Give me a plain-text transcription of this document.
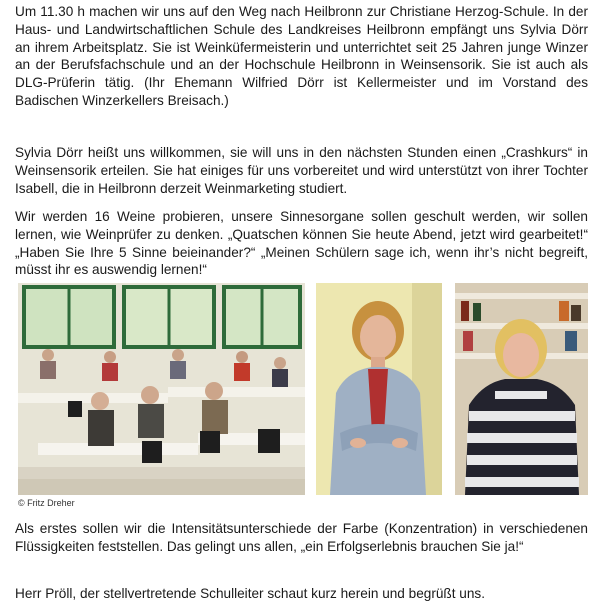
Um 11.30 h machen wir uns auf den Weg nach Heilbronn zur Christiane Herzog-Schule. In der Haus- und Landwirtschaftlichen Schule des Landkreises Heilbronn empfängt uns Sylvia Dörr an ihrem Arbeitsplatz. Sie ist Weinküfermeisterin und unterrichtet seit 25 Jahren junge Winzer an der Berufsfachschule und an der Hochschule Heilbronn in Weinsensorik. Sie ist auch als DLG-Prüferin tätig. (Ihr Ehemann Wilfried Dörr ist Kellermeister und im Vorstand des Badischen Winzerkellers Breisach.)

Sylvia Dörr heißt uns willkommen, sie will uns in den nächsten Stunden einen „Crashkurs“ in Weinsensorik erteilen. Sie hat einiges für uns vorbereitet und wird unterstützt von ihrer Tochter Isabell, die in Heilbronn derzeit Weinmarketing studiert.

Wir werden 16 Weine probieren, unsere Sinnesorgane sollen geschult werden, wir sollen lernen, wie Weinprüfer zu denken. „Quatschen können Sie heute Abend, jetzt wird gearbeitet!“ „Haben Sie Ihre 5 Sinne beieinander?“ „Meinen Schülern sage ich, wenn ihr’s nicht begreift, müsst ihr es auswendig lernen!“

© Fritz Dreher

Als erstes sollen wir die Intensitätsunterschiede der Farbe (Konzentration) in verschiedenen Flüssigkeiten feststellen. Das gelingt uns allen, „ein Erfolgserlebnis brauchen Sie ja!“

Herr Pröll, der stellvertretende Schulleiter schaut kurz herein und begrüßt uns.
